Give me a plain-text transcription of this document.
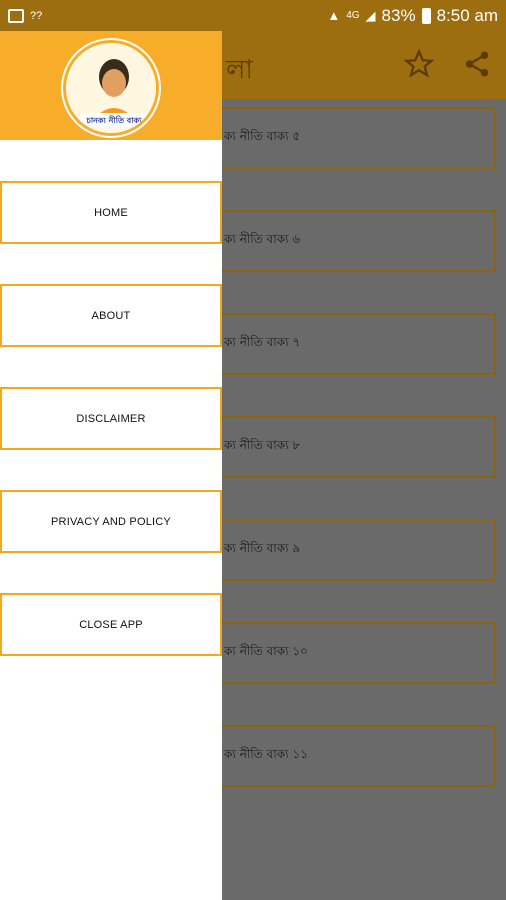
??	▲ 4G ◢ 83% 8:50 am
লা
ক্য নীতি বাক্য ৫
ক্য নীতি বাক্য ৬
ক্য নীতি বাক্য ৭
ক্য নীতি বাক্য ৮
ক্য নীতি বাক্য ৯
ক্য নীতি বাক্য ১০
ক্য নীতি বাক্য ১১
চানক্য নীতি বাক্য
HOME
ABOUT
DISCLAIMER
PRIVACY AND POLICY
CLOSE APP
